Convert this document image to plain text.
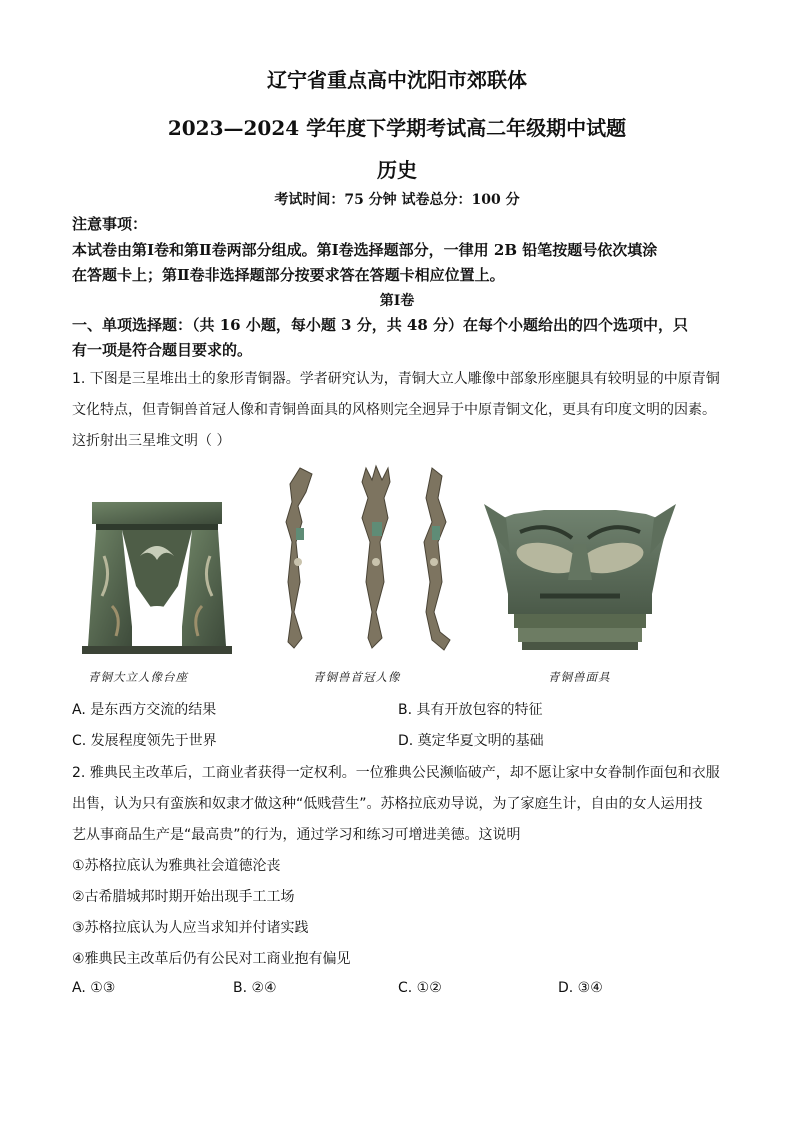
辽宁省重点高中沈阳市郊联体
2023—2024 学年度下学期考试高二年级期中试题
历史
考试时间：75 分钟 试卷总分：100 分
注意事项：
本试卷由第Ⅰ卷和第Ⅱ卷两部分组成。第Ⅰ卷选择题部分，一律用 2B 铅笔按题号依次填涂
在答题卡上；第Ⅱ卷非选择题部分按要求答在答题卡相应位置上。
第Ⅰ卷
一、单项选择题：（共 16 小题，每小题 3 分，共 48 分）在每个小题给出的四个选项中，只
有一项是符合题目要求的。
1. 下图是三星堆出土的象形青铜器。学者研究认为，青铜大立人雕像中部象形座腿具有较明显的中原青铜
文化特点，但青铜兽首冠人像和青铜兽面具的风格则完全迥异于中原青铜文化，更具有印度文明的因素。
这折射出三星堆文明（ ）
青铜大立人像台座	青铜兽首冠人像	青铜兽面具
A. 是东西方交流的结果	B. 具有开放包容的特征
C. 发展程度领先于世界	D. 奠定华夏文明的基础
2. 雅典民主改革后，工商业者获得一定权利。一位雅典公民濒临破产，却不愿让家中女眷制作面包和衣服
出售，认为只有蛮族和奴隶才做这种“低贱营生”。苏格拉底劝导说，为了家庭生计，自由的女人运用技
艺从事商品生产是“最高贵”的行为，通过学习和练习可增进美德。这说明
①苏格拉底认为雅典社会道德沦丧
②古希腊城邦时期开始出现手工工场
③苏格拉底认为人应当求知并付诸实践
④雅典民主改革后仍有公民对工商业抱有偏见
A. ①③	B. ②④	C. ①②	D. ③④
